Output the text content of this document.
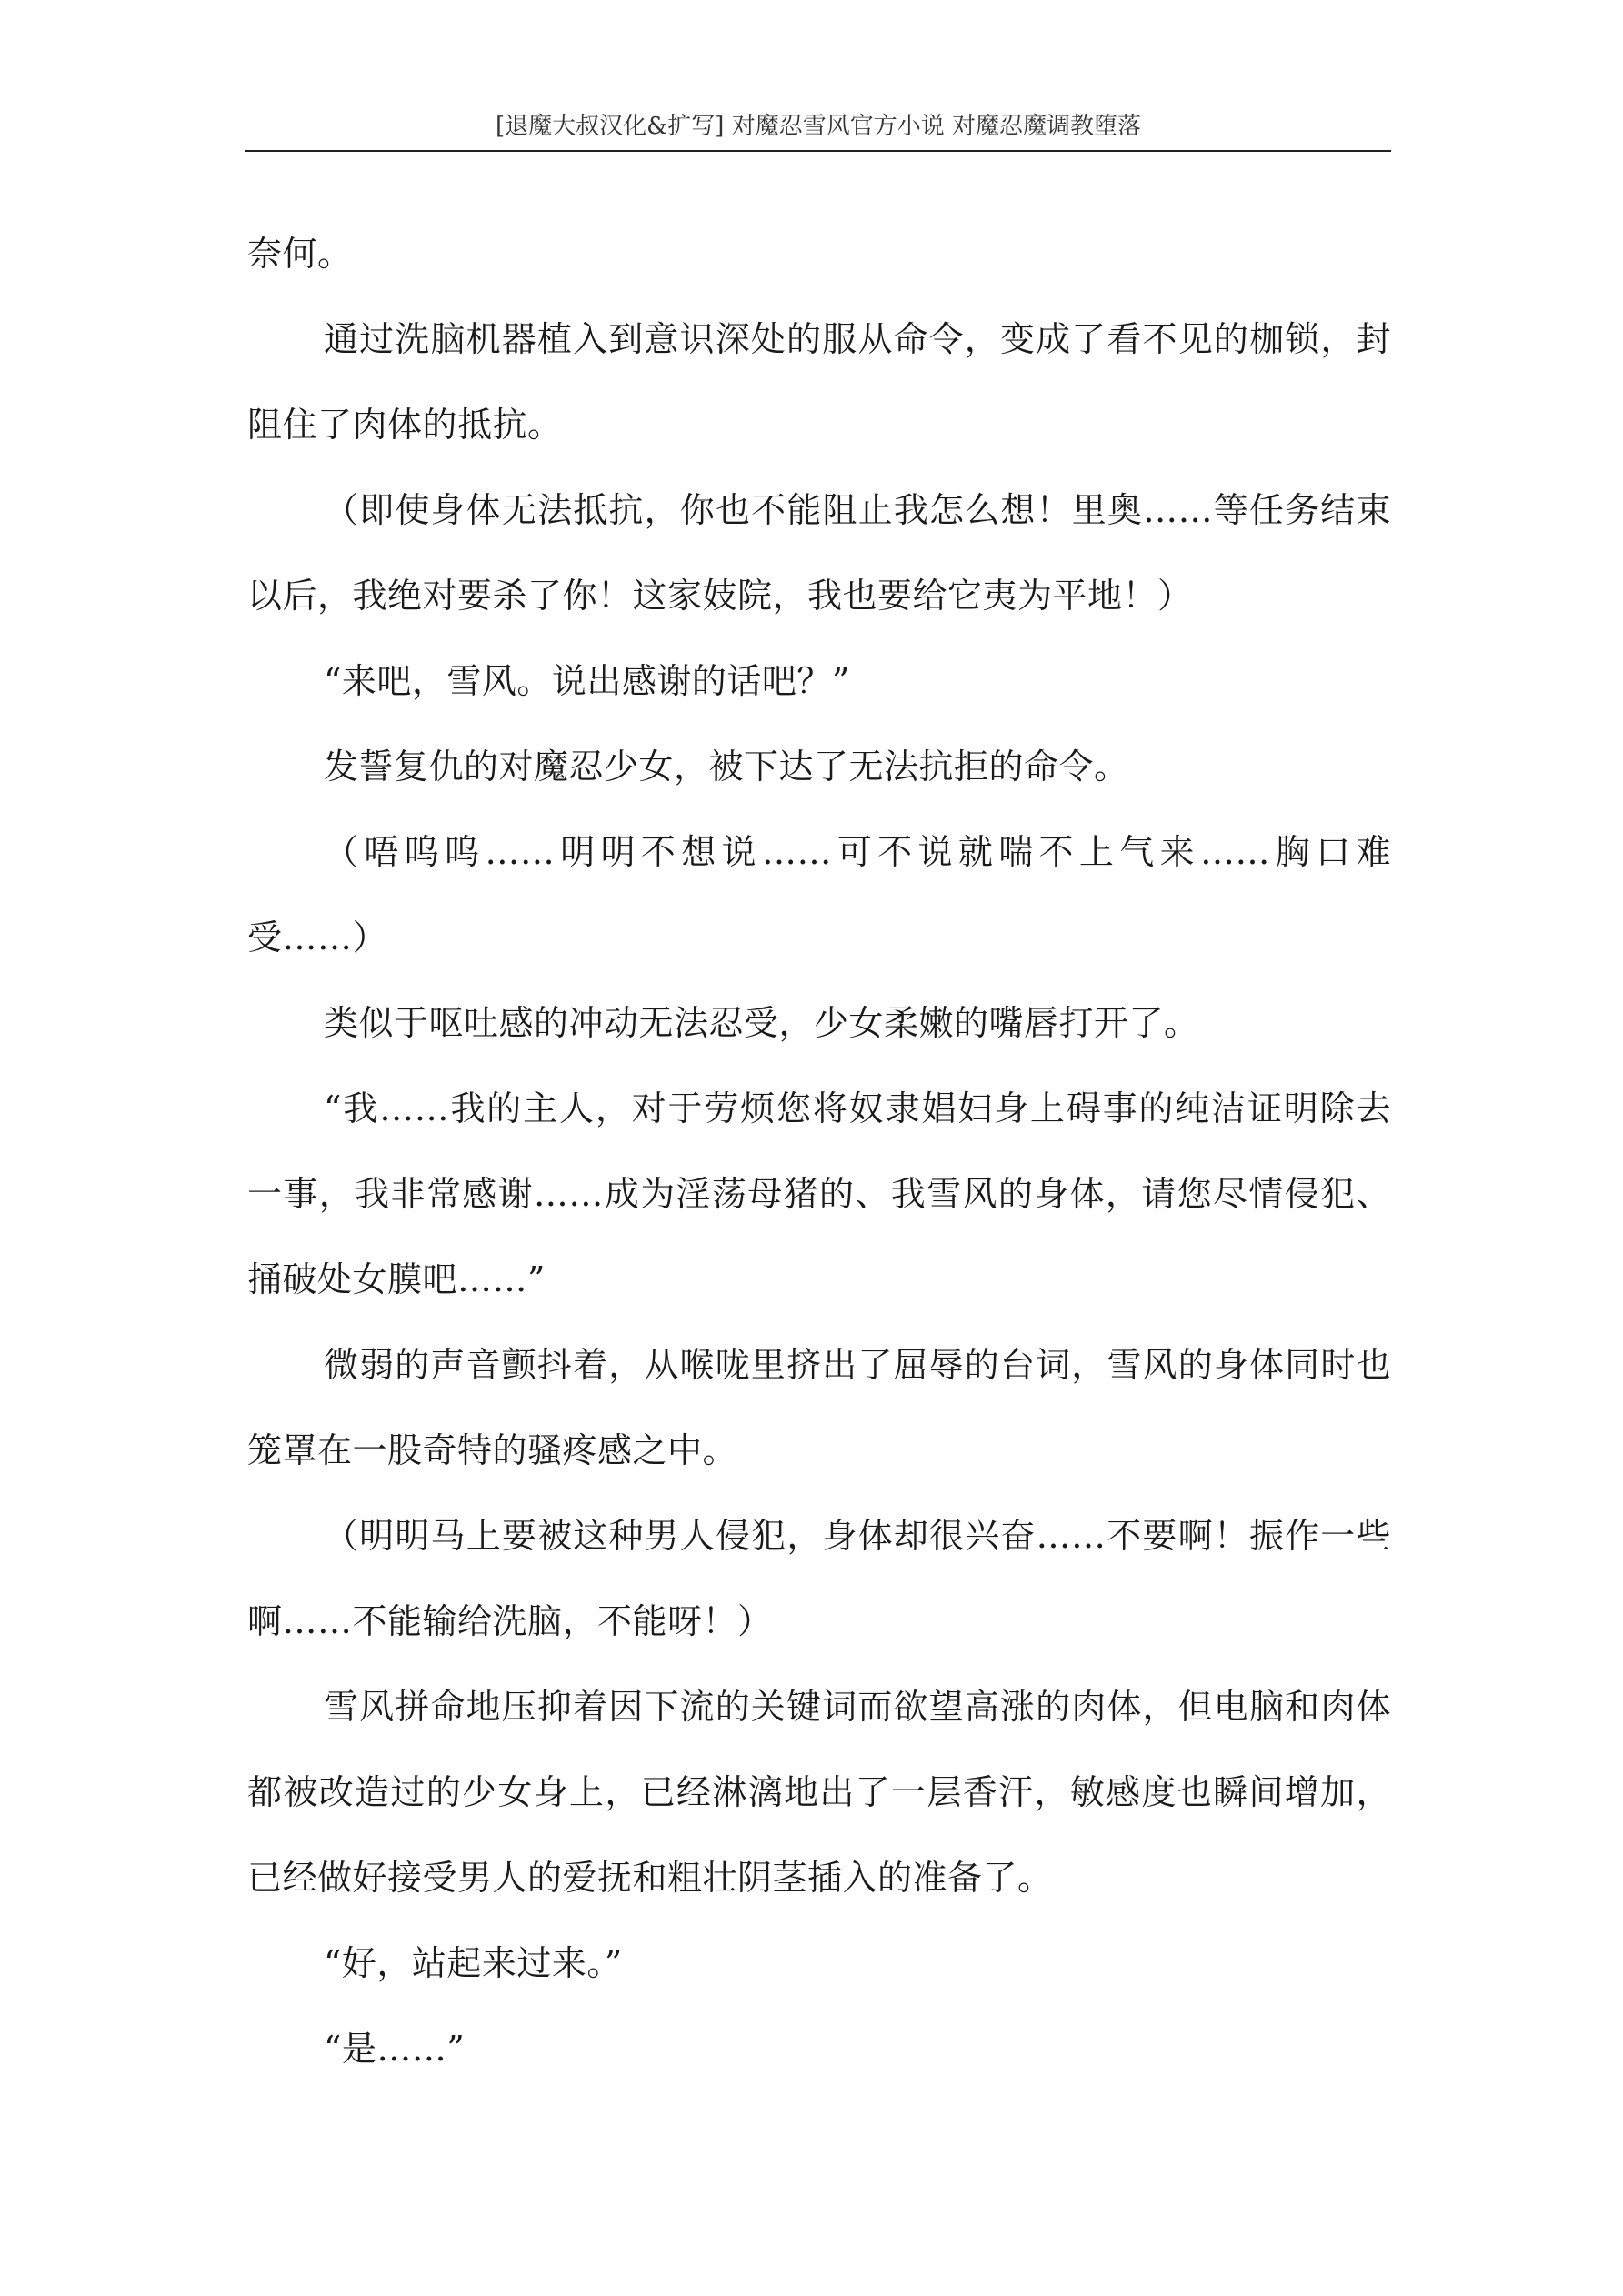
[退魔大叔汉化&扩写] 对魔忍雪风官方小说 对魔忍魔调教堕落

奈何。

通过洗脑机器植入到意识深处的服从命令，变成了看不见的枷锁，封阻住了肉体的抵抗。

（即使身体无法抵抗，你也不能阻止我怎么想！里奥……等任务结束以后，我绝对要杀了你！这家妓院，我也要给它夷为平地！）

“来吧，雪风。说出感谢的话吧？”

发誓复仇的对魔忍少女，被下达了无法抗拒的命令。

（唔呜呜……明明不想说……可不说就喘不上气来……胸口难受……）

类似于呕吐感的冲动无法忍受，少女柔嫩的嘴唇打开了。

“我……我的主人，对于劳烦您将奴隶娼妇身上碍事的纯洁证明除去一事，我非常感谢……成为淫荡母猪的、我雪风的身体，请您尽情侵犯、捅破处女膜吧……”

微弱的声音颤抖着，从喉咙里挤出了屈辱的台词，雪风的身体同时也笼罩在一股奇特的骚疼感之中。

（明明马上要被这种男人侵犯，身体却很兴奋……不要啊！振作一些啊……不能输给洗脑，不能呀！）

雪风拼命地压抑着因下流的关键词而欲望高涨的肉体，但电脑和肉体都被改造过的少女身上，已经淋漓地出了一层香汗，敏感度也瞬间增加，已经做好接受男人的爱抚和粗壮阴茎插入的准备了。

“好，站起来过来。”

“是……”
